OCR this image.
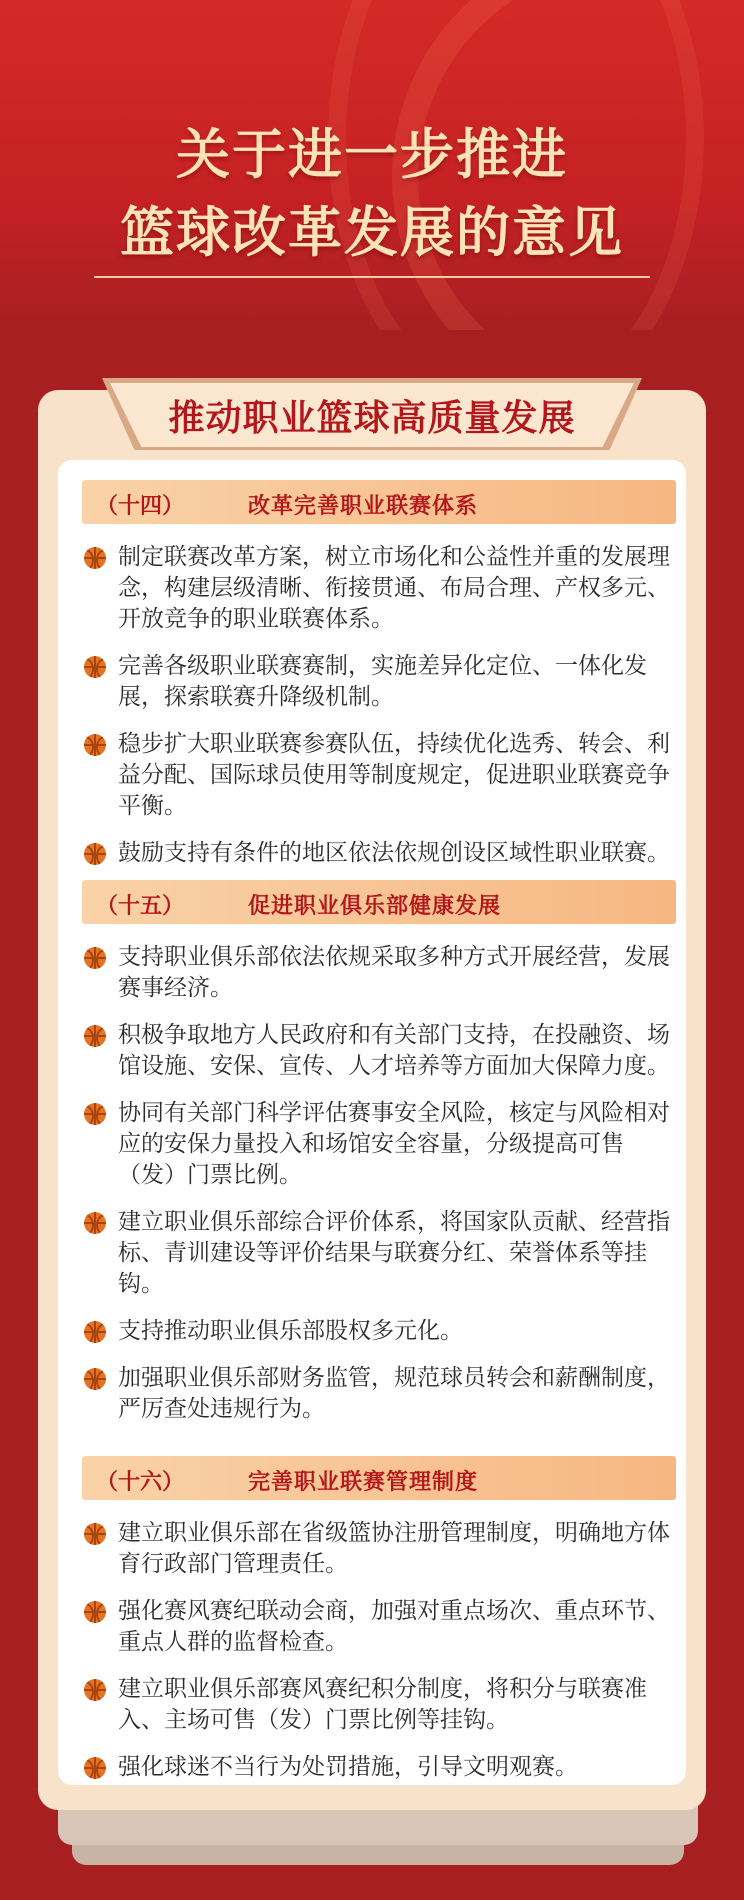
关于进一步推进
篮球改革发展的意见
推动职业篮球高质量发展
（十四）	改革完善职业联赛体系
制定联赛改革方案，树立市场化和公益性并重的发展理念，构建层级清晰、衔接贯通、布局合理、产权多元、开放竞争的职业联赛体系。
完善各级职业联赛赛制，实施差异化定位、一体化发展，探索联赛升降级机制。
稳步扩大职业联赛参赛队伍，持续优化选秀、转会、利益分配、国际球员使用等制度规定，促进职业联赛竞争平衡。
鼓励支持有条件的地区依法依规创设区域性职业联赛。
（十五）	促进职业俱乐部健康发展
支持职业俱乐部依法依规采取多种方式开展经营，发展赛事经济。
积极争取地方人民政府和有关部门支持，在投融资、场馆设施、安保、宣传、人才培养等方面加大保障力度。
协同有关部门科学评估赛事安全风险，核定与风险相对应的安保力量投入和场馆安全容量，分级提高可售（发）门票比例。
建立职业俱乐部综合评价体系，将国家队贡献、经营指标、青训建设等评价结果与联赛分红、荣誉体系等挂钩。
支持推动职业俱乐部股权多元化。
加强职业俱乐部财务监管，规范球员转会和薪酬制度，严厉查处违规行为。
（十六）	完善职业联赛管理制度
建立职业俱乐部在省级篮协注册管理制度，明确地方体育行政部门管理责任。
强化赛风赛纪联动会商，加强对重点场次、重点环节、重点人群的监督检查。
建立职业俱乐部赛风赛纪积分制度，将积分与联赛准入、主场可售（发）门票比例等挂钩。
强化球迷不当行为处罚措施，引导文明观赛。
